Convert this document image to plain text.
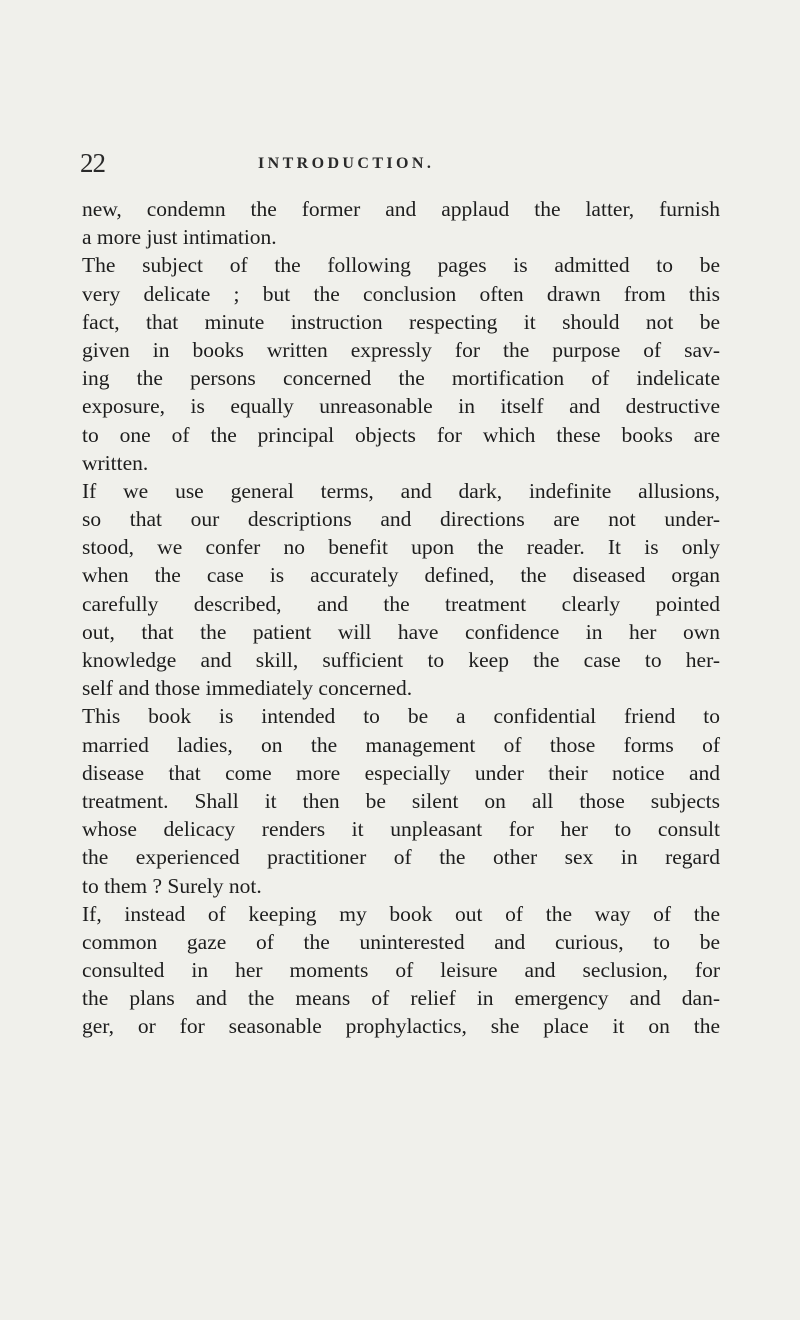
22	INTRODUCTION.
new, condemn the former and applaud the latter, furnish
a more just intimation.
The subject of the following pages is admitted to be
very delicate ; but the conclusion often drawn from this
fact, that minute instruction respecting it should not be
given in books written expressly for the purpose of sav-
ing the persons concerned the mortification of indelicate
exposure, is equally unreasonable in itself and destructive
to one of the principal objects for which these books are
written.
If we use general terms, and dark, indefinite allusions,
so that our descriptions and directions are not under-
stood, we confer no benefit upon the reader. It is only
when the case is accurately defined, the diseased organ
carefully described, and the treatment clearly pointed
out, that the patient will have confidence in her own
knowledge and skill, sufficient to keep the case to her-
self and those immediately concerned.
This book is intended to be a confidential friend to
married ladies, on the management of those forms of
disease that come more especially under their notice and
treatment. Shall it then be silent on all those subjects
whose delicacy renders it unpleasant for her to consult
the experienced practitioner of the other sex in regard
to them ? Surely not.
If, instead of keeping my book out of the way of the
common gaze of the uninterested and curious, to be
consulted in her moments of leisure and seclusion, for
the plans and the means of relief in emergency and dan-
ger, or for seasonable prophylactics, she place it on the
